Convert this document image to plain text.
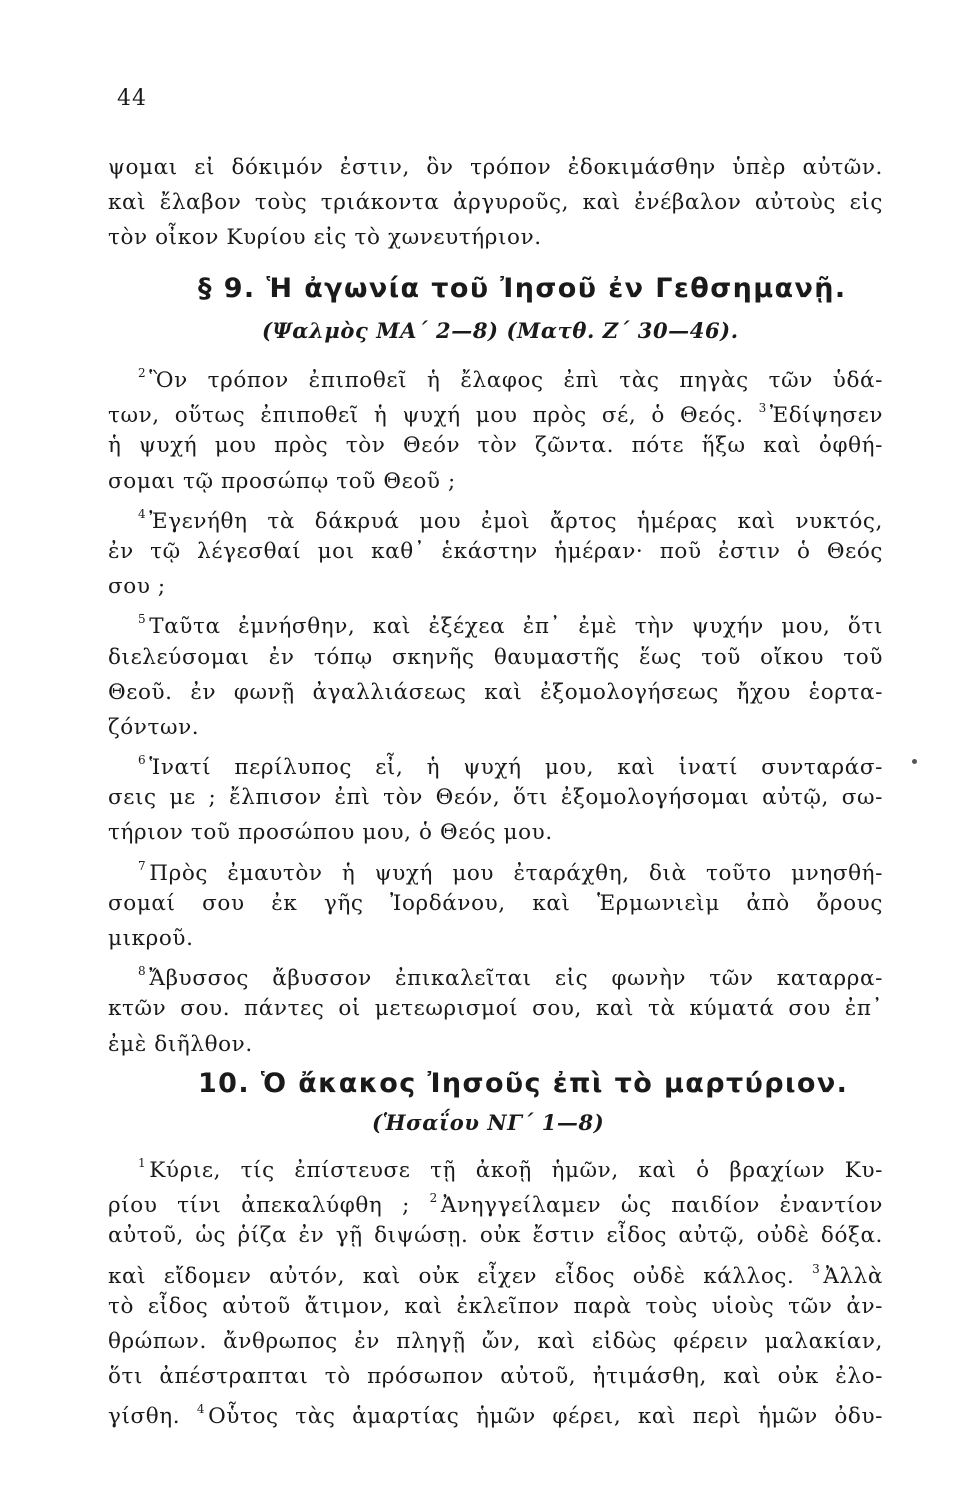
44
ψομαι εἰ δόκιμόν ἐστιν, ὃν τρόπον ἐδοκιμάσθην ὑπὲρ αὐτῶν.
καὶ ἔλαβον τοὺς τριάκοντα ἀργυροῦς, καὶ ἐνέβαλον αὐτοὺς εἰς
τὸν οἶκον Κυρίου εἰς τὸ χωνευτήριον.
§ 9. Ἡ ἀγωνία τοῦ Ἰησοῦ ἐν Γεθσημανῇ.
(Ψαλμὸς ΜΑ´ 2—8) (Ματθ. Ζ´ 30—46).
$^2$ Ὃν τρόπον ἐπιποθεῖ ἡ ἔλαφος ἐπὶ τὰς πηγὰς τῶν ὑδά-
των, οὕτως ἐπιποθεῖ ἡ ψυχή μου πρὸς σέ, ὁ Θεός. $^3$ Ἐδίψησεν
ἡ ψυχή μου πρὸς τὸν Θεόν τὸν ζῶντα. πότε ἥξω καὶ ὀφθή-
σομαι τῷ προσώπῳ τοῦ Θεοῦ ;
$^4$ Ἐγενήθη τὰ δάκρυά μου ἐμοὶ ἄρτος ἡμέρας καὶ νυκτός,
ἐν τῷ λέγεσθαί μοι καθ᾿ ἑκάστην ἡμέραν· ποῦ ἐστιν ὁ Θεός
σου ;
$^5$ Ταῦτα ἐμνήσθην, καὶ ἐξέχεα ἐπ᾿ ἐμὲ τὴν ψυχήν μου, ὅτι
διελεύσομαι ἐν τόπῳ σκηνῆς θαυμαστῆς ἕως τοῦ οἴκου τοῦ
Θεοῦ. ἐν φωνῇ ἀγαλλιάσεως καὶ ἐξομολογήσεως ἤχου ἑορτα-
ζόντων.
$^6$ Ἱνατί περίλυπος εἶ, ἡ ψυχή μου, καὶ ἱνατί συνταράσ-
σεις με ; ἔλπισον ἐπὶ τὸν Θεόν, ὅτι ἐξομολογήσομαι αὐτῷ, σω-
τήριον τοῦ προσώπου μου, ὁ Θεός μου.
$^7$ Πρὸς ἐμαυτὸν ἡ ψυχή μου ἐταράχθη, διὰ τοῦτο μνησθή-
σομαί σου ἐκ γῆς Ἰορδάνου, καὶ Ἑρμωνιεὶμ ἀπὸ ὄρους
μικροῦ.
$^8$ Ἄβυσσος ἄβυσσον ἐπικαλεῖται εἰς φωνὴν τῶν καταρρα-
κτῶν σου. πάντες οἱ μετεωρισμοί σου, καὶ τὰ κύματά σου ἐπ᾿
ἐμὲ διῆλθον.
10. Ὁ ἄκακος Ἰησοῦς ἐπὶ τὸ μαρτύριον.
(Ἡσαΐου ΝΓ´ 1—8)
$^1$ Κύριε, τίς ἐπίστευσε τῇ ἀκοῇ ἡμῶν, καὶ ὁ βραχίων Κυ-
ρίου τίνι ἀπεκαλύφθη ; $^2$ Ἀνηγγείλαμεν ὡς παιδίον ἐναντίον
αὐτοῦ, ὡς ῥίζα ἐν γῇ διψώσῃ. οὐκ ἔστιν εἶδος αὐτῷ, οὐδὲ δόξα.
καὶ εἴδομεν αὐτόν, καὶ οὐκ εἶχεν εἶδος οὐδὲ κάλλος. $^3$ Ἀλλὰ
τὸ εἶδος αὐτοῦ ἄτιμον, καὶ ἐκλεῖπον παρὰ τοὺς υἱοὺς τῶν ἀν-
θρώπων. ἄνθρωπος ἐν πληγῇ ὤν, καὶ εἰδὼς φέρειν μαλακίαν,
ὅτι ἀπέστραπται τὸ πρόσωπον αὐτοῦ, ἠτιμάσθη, καὶ οὐκ ἐλο-
γίσθη. $^4$ Οὗτος τὰς ἁμαρτίας ἡμῶν φέρει, καὶ περὶ ἡμῶν ὀδυ-
